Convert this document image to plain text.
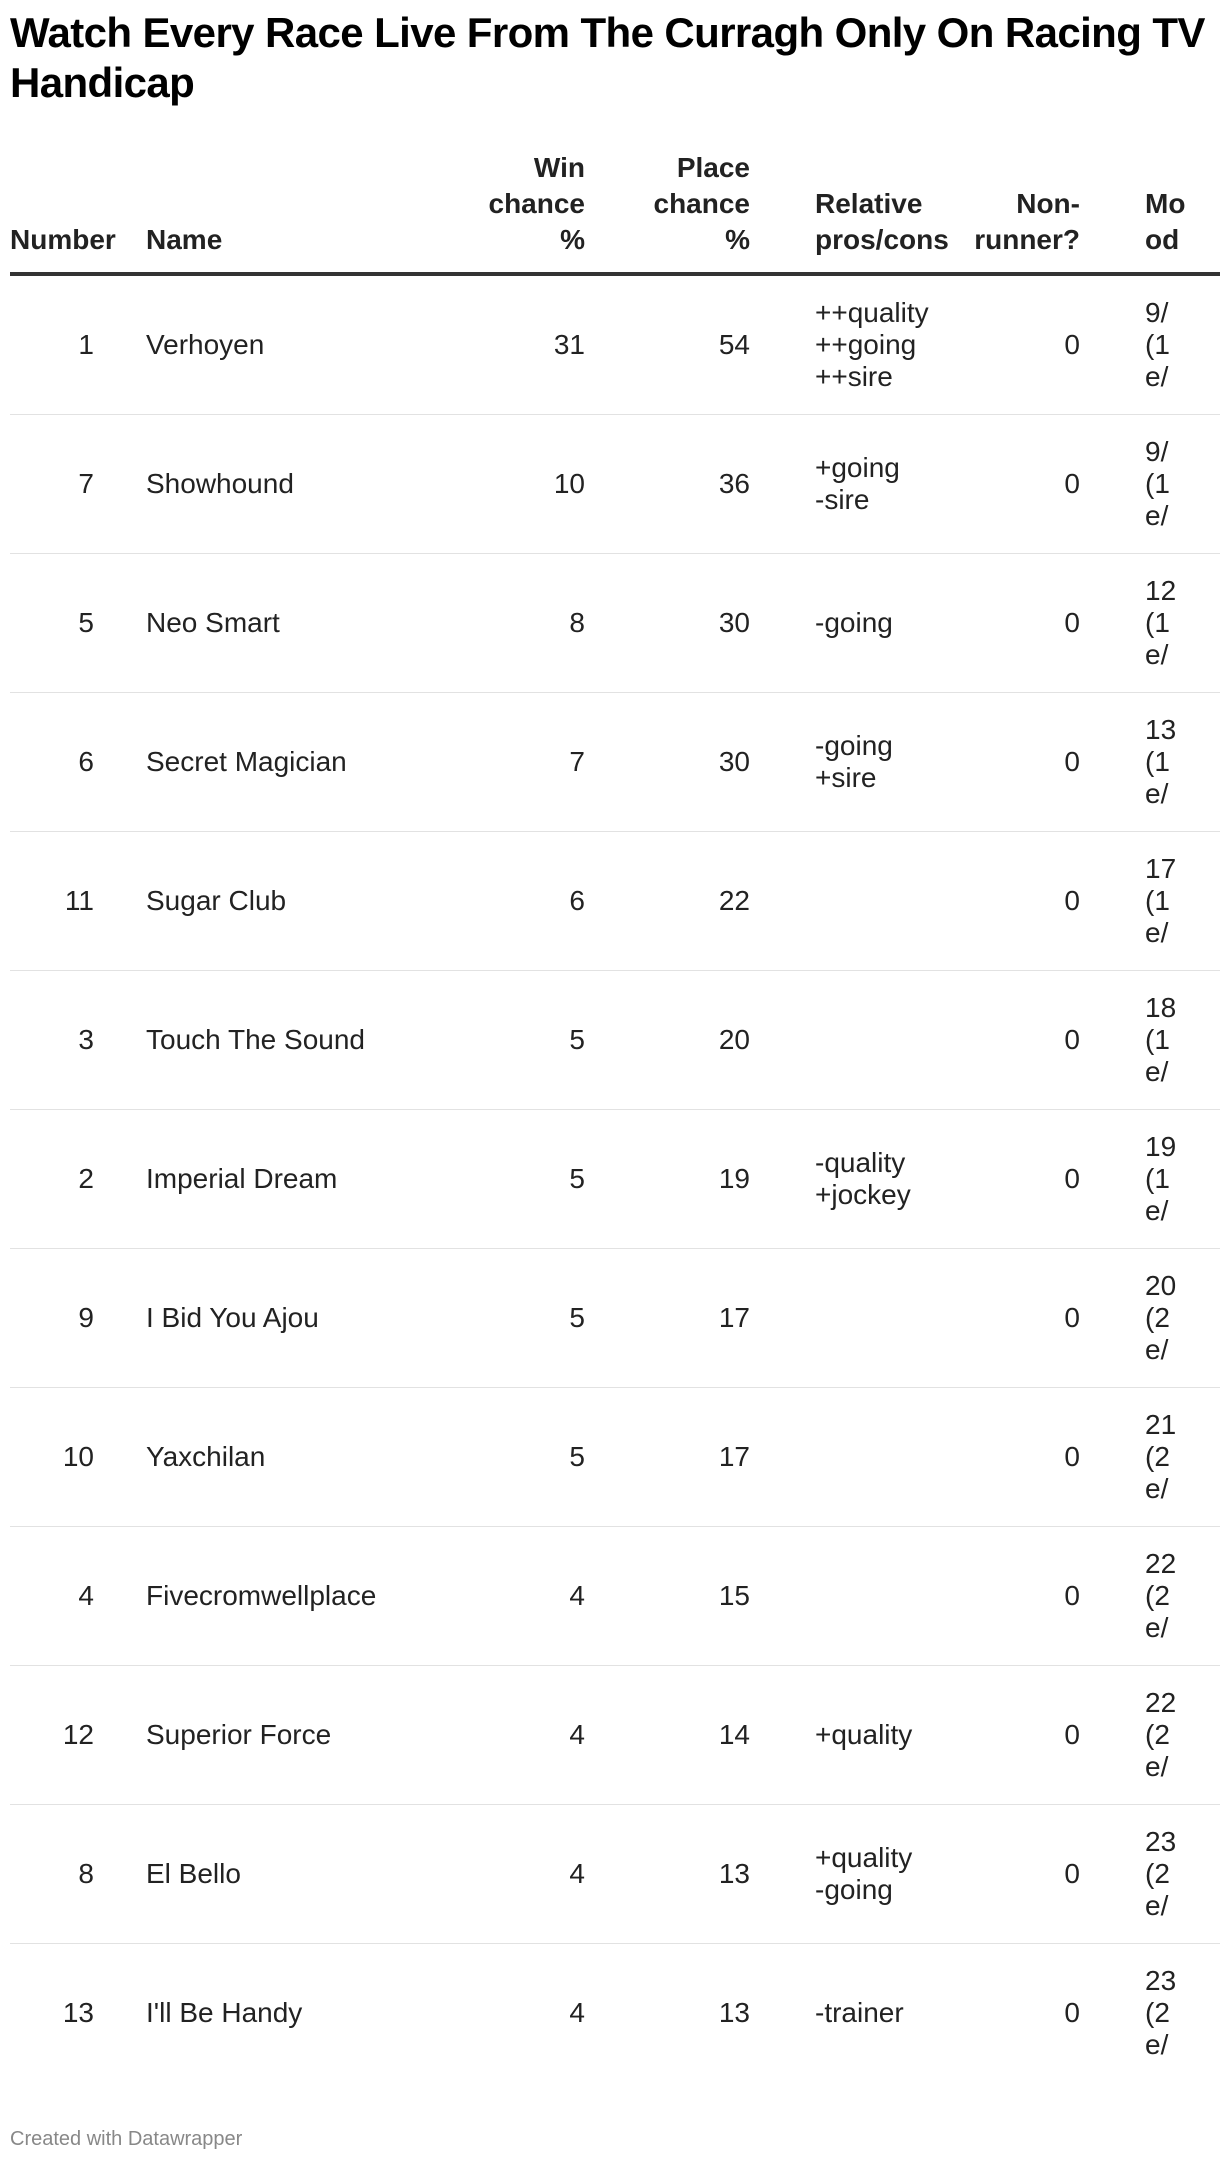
Watch Every Race Live From The Curragh Only On Racing TV
Handicap
Number	Name	Win
chance
%	Place
chance
%	Relative
pros/cons	Non-
runner?	Mo
od

1	Verhoyen	31	54	++quality
++going
++sire	0	9/
(1
e/

7	Showhound	10	36	+going
-sire	0	9/
(1
e/

5	Neo Smart	8	30	-going	0	12
(1
e/

6	Secret Magician	7	30	-going
+sire	0	13
(1
e/

11	Sugar Club	6	22		0	17
(1
e/

3	Touch The Sound	5	20		0	18
(1
e/

2	Imperial Dream	5	19	-quality
+jockey	0	19
(1
e/

9	I Bid You Ajou	5	17		0	20
(2
e/

10	Yaxchilan	5	17		0	21
(2
e/

4	Fivecromwellplace	4	15		0	22
(2
e/

12	Superior Force	4	14	+quality	0	22
(2
e/

8	El Bello	4	13	+quality
-going	0	23
(2
e/

13	I'll Be Handy	4	13	-trainer	0	23
(2
e/
Created with Datawrapper
